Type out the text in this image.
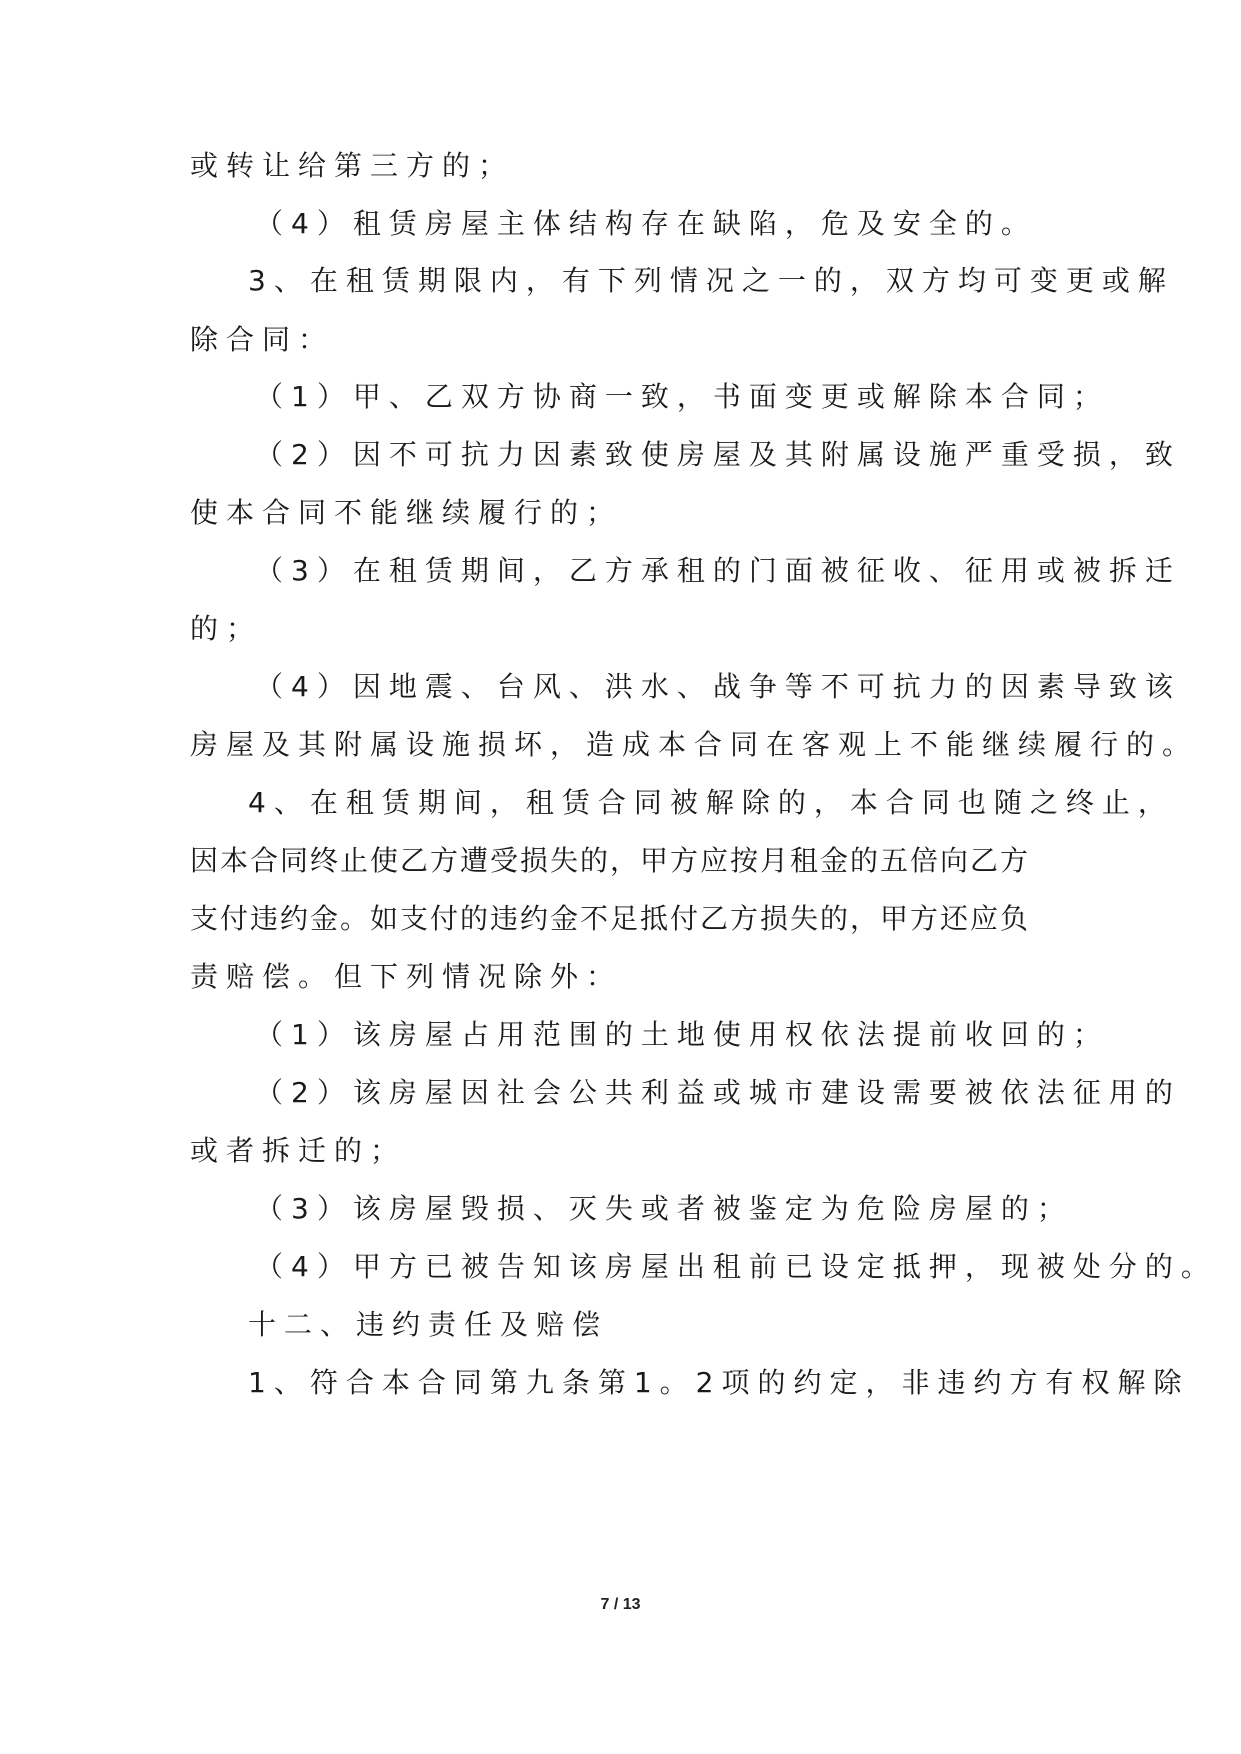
或转让给第三方的；
（4）租赁房屋主体结构存在缺陷，危及安全的。
3、在租赁期限内，有下列情况之一的，双方均可变更或解
除合同：
（1）甲、乙双方协商一致，书面变更或解除本合同；
（2）因不可抗力因素致使房屋及其附属设施严重受损，致
使本合同不能继续履行的；
（3）在租赁期间，乙方承租的门面被征收、征用或被拆迁
的；
（4）因地震、台风、洪水、战争等不可抗力的因素导致该
房屋及其附属设施损坏，造成本合同在客观上不能继续履行的。
4、在租赁期间，租赁合同被解除的，本合同也随之终止，
因本合同终止使乙方遭受损失的，甲方应按月租金的五倍向乙方
支付违约金。如支付的违约金不足抵付乙方损失的，甲方还应负
责赔偿。但下列情况除外：
（1）该房屋占用范围的土地使用权依法提前收回的；
（2）该房屋因社会公共利益或城市建设需要被依法征用的
或者拆迁的；
（3）该房屋毁损、灭失或者被鉴定为危险房屋的；
（4）甲方已被告知该房屋出租前已设定抵押，现被处分的。
十二、违约责任及赔偿
1、符合本合同第九条第1。2项的约定，非违约方有权解除
7 / 13
